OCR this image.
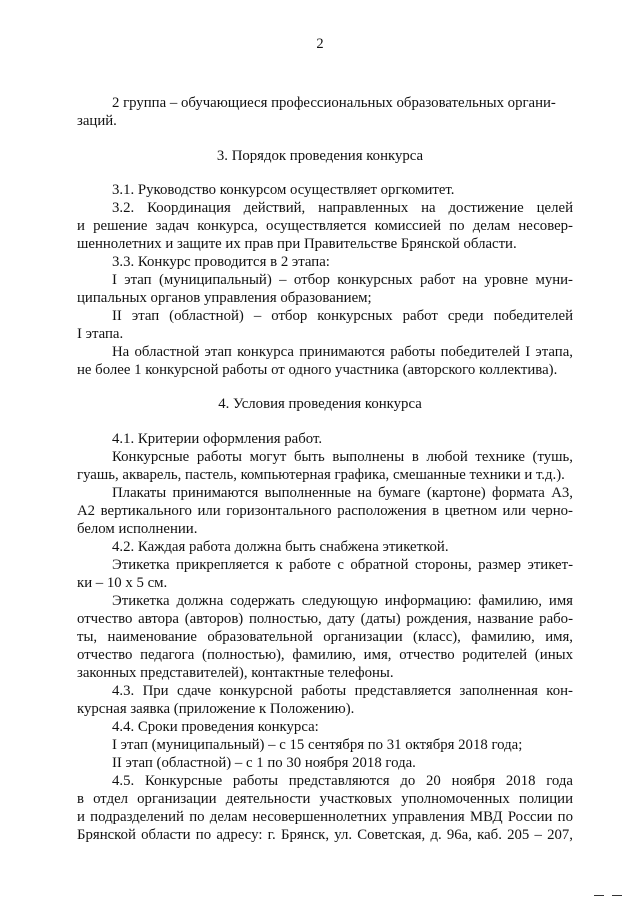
2
2 группа – обучающиеся профессиональных образовательных органи-
заций.
3. Порядок проведения конкурса
3.1. Руководство конкурсом осуществляет оргкомитет.
3.2. Координация действий, направленных на достижение целей
и решение задач конкурса, осуществляется комиссией по делам несовер-
шеннолетних и защите их прав при Правительстве Брянской области.
3.3. Конкурс проводится в 2 этапа:
I этап (муниципальный) – отбор конкурсных работ на уровне муни-
ципальных органов управления образованием;
II этап (областной) – отбор конкурсных работ среди победителей
I этапа.
На областной этап конкурса принимаются работы победителей I этапа,
не более 1 конкурсной работы от одного участника (авторского коллектива).
4. Условия проведения конкурса
4.1. Критерии оформления работ.
Конкурсные работы могут быть выполнены в любой технике (тушь,
гуашь, акварель, пастель, компьютерная графика, смешанные техники и т.д.).
Плакаты принимаются выполненные на бумаге (картоне) формата А3,
А2 вертикального или горизонтального расположения в цветном или черно-
белом исполнении.
4.2. Каждая работа должна быть снабжена этикеткой.
Этикетка прикрепляется к работе с обратной стороны, размер этикет-
ки – 10 х 5 см.
Этикетка должна содержать следующую информацию: фамилию, имя
отчество автора (авторов) полностью, дату (даты) рождения, название рабо-
ты, наименование образовательной организации (класс), фамилию, имя,
отчество педагога (полностью), фамилию, имя, отчество родителей (иных
законных представителей), контактные телефоны.
4.3. При сдаче конкурсной работы представляется заполненная кон-
курсная заявка (приложение к Положению).
4.4. Сроки проведения конкурса:
I этап (муниципальный) – с 15 сентября по 31 октября 2018 года;
II этап (областной) – с 1 по 30 ноября 2018 года.
4.5. Конкурсные работы представляются до 20 ноября 2018 года
в отдел организации деятельности участковых уполномоченных полиции
и подразделений по делам несовершеннолетних управления МВД России по
Брянской области по адресу: г. Брянск, ул. Советская, д. 96а, каб. 205 – 207,
